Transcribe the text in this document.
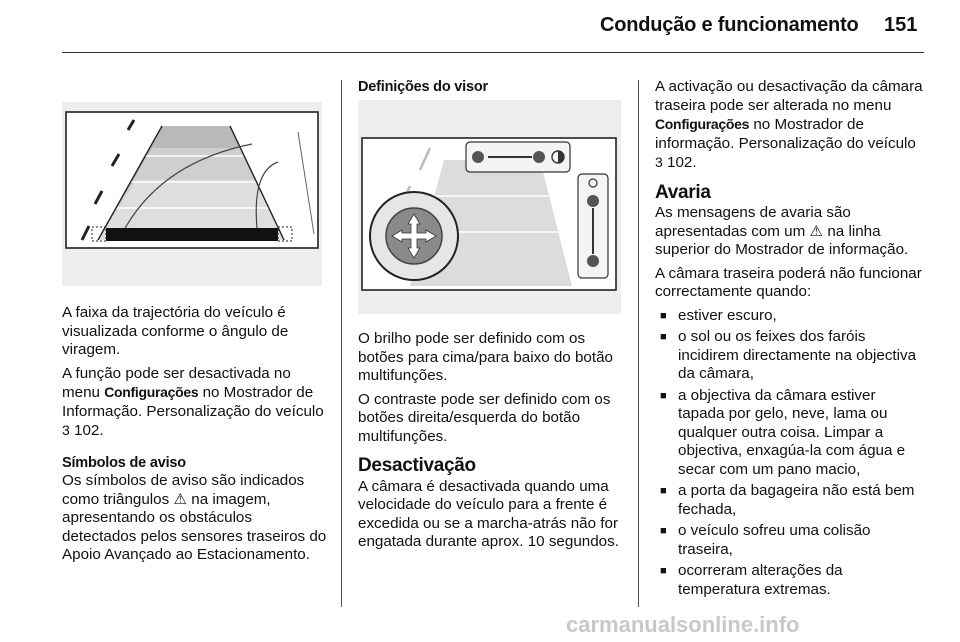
Condução e funcionamento 151

A faixa da trajectória do veículo é visualizada conforme o ângulo de viragem.

A função pode ser desactivada no menu Configurações no Mostrador de Informação. Personalização do veículo 3 102.

Símbolos de aviso

Os símbolos de aviso são indicados como triângulos ⚠ na imagem, apresentando os obstáculos detectados pelos sensores traseiros do Apoio Avançado ao Estacionamento.

Definições do visor

O brilho pode ser definido com os botões para cima/para baixo do botão multifunções.

O contraste pode ser definido com os botões direita/esquerda do botão multifunções.

Desactivação

A câmara é desactivada quando uma velocidade do veículo para a frente é excedida ou se a marcha-atrás não for engatada durante aprox. 10 segundos.

A activação ou desactivação da câmara traseira pode ser alterada no menu Configurações no Mostrador de informação. Personalização do veículo 3 102.

Avaria

As mensagens de avaria são apresentadas com um ⚠ na linha superior do Mostrador de informação.

A câmara traseira poderá não funcionar correctamente quando:

■ estiver escuro,
■ o sol ou os feixes dos faróis incidirem directamente na objectiva da câmara,
■ a objectiva da câmara estiver tapada por gelo, neve, lama ou qualquer outra coisa. Limpar a objectiva, enxagúa-la com água e secar com um pano macio,
■ a porta da bagageira não está bem fechada,
■ o veículo sofreu uma colisão traseira,
■ ocorreram alterações da temperatura extremas.
carmanualsonline.info
